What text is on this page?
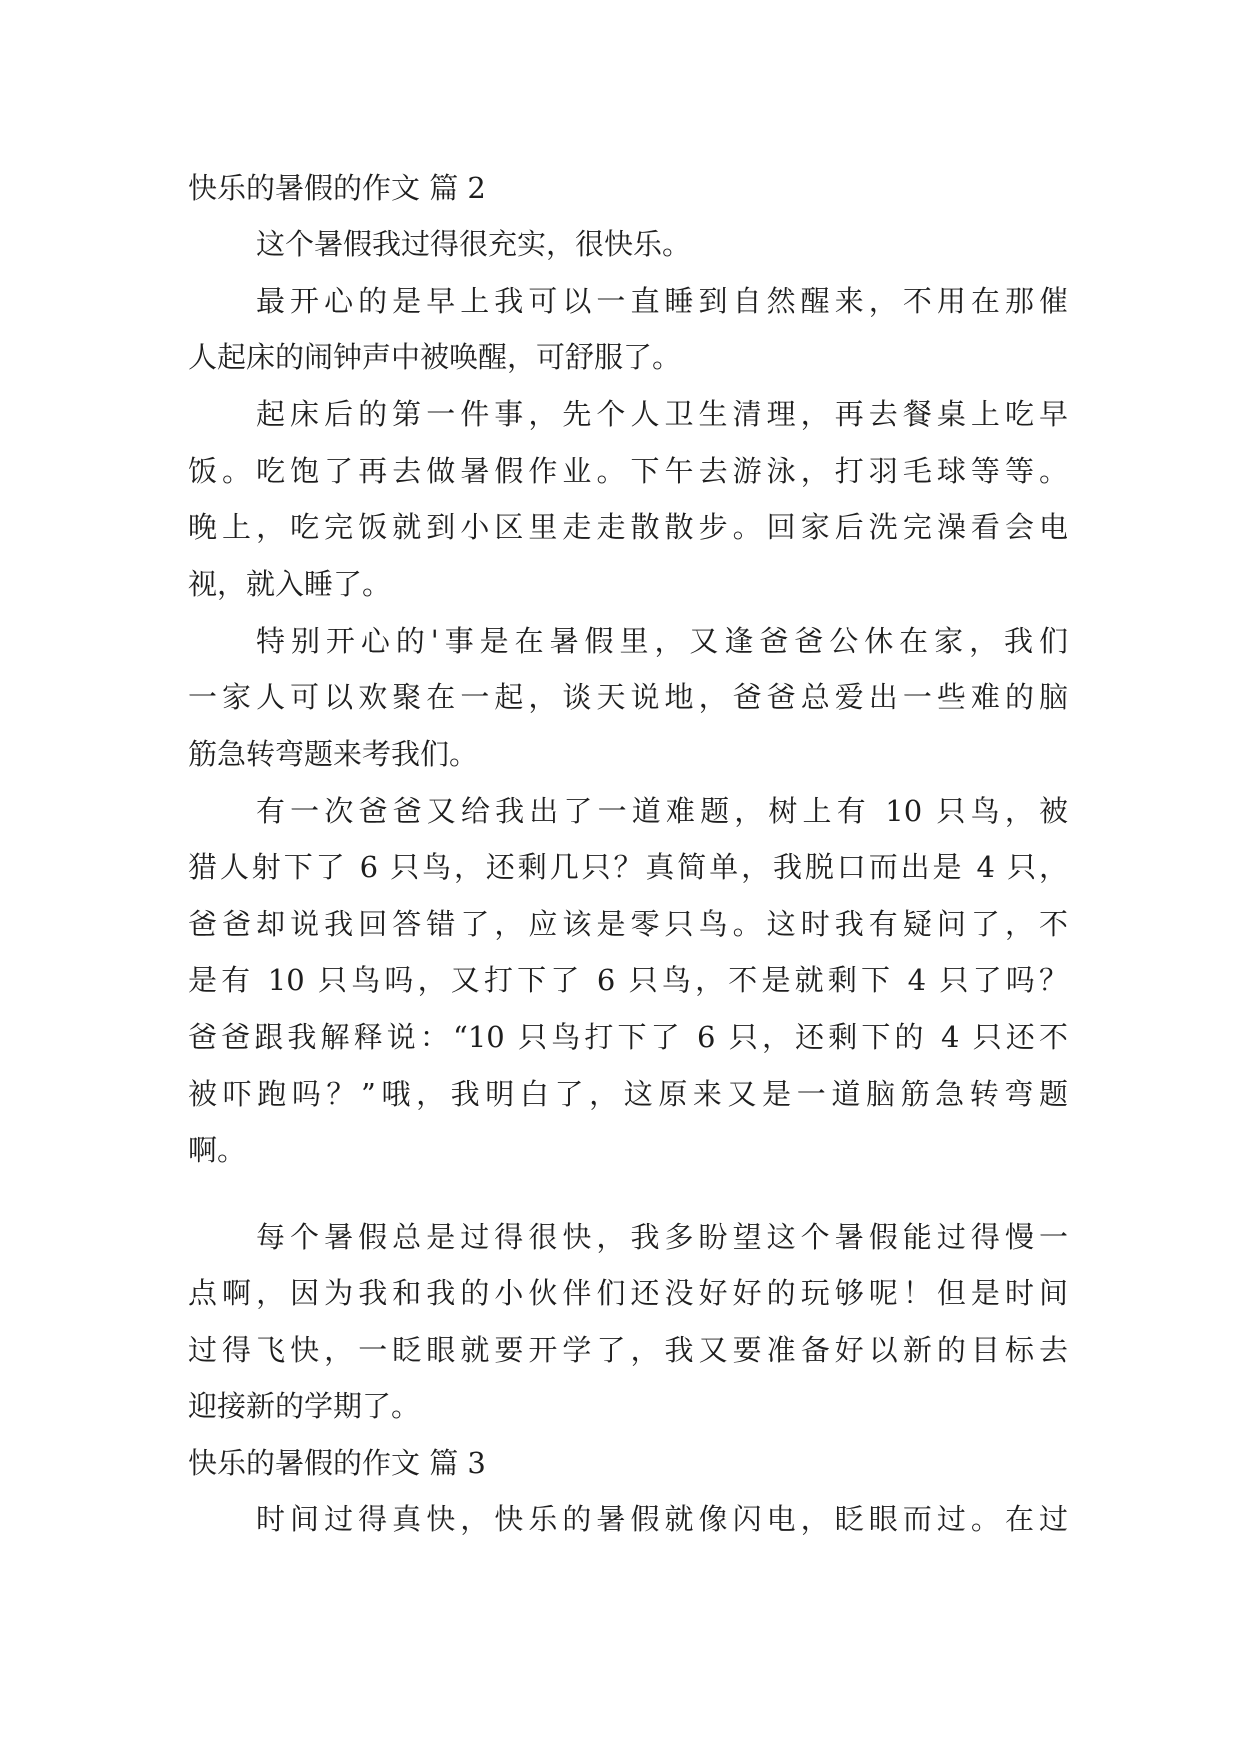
快乐的暑假的作文 篇 2
这个暑假我过得很充实，很快乐。
最开心的是早上我可以一直睡到自然醒来，不用在那催
人起床的闹钟声中被唤醒，可舒服了。
起床后的第一件事，先个人卫生清理，再去餐桌上吃早
饭。吃饱了再去做暑假作业。下午去游泳，打羽毛球等等。
晚上，吃完饭就到小区里走走散散步。回家后洗完澡看会电
视，就入睡了。
特别开心的'事是在暑假里，又逢爸爸公休在家，我们
一家人可以欢聚在一起，谈天说地，爸爸总爱出一些难的脑
筋急转弯题来考我们。
有一次爸爸又给我出了一道难题，树上有 10 只鸟，被
猎人射下了 6 只鸟，还剩几只？真简单，我脱口而出是 4 只，
爸爸却说我回答错了，应该是零只鸟。这时我有疑问了，不
是有 10 只鸟吗，又打下了 6 只鸟，不是就剩下 4 只了吗？
爸爸跟我解释说：“10 只鸟打下了 6 只，还剩下的 4 只还不
被吓跑吗？”哦，我明白了，这原来又是一道脑筋急转弯题
啊。
每个暑假总是过得很快，我多盼望这个暑假能过得慢一
点啊，因为我和我的小伙伴们还没好好的玩够呢！但是时间
过得飞快，一眨眼就要开学了，我又要准备好以新的目标去
迎接新的学期了。
快乐的暑假的作文 篇 3
时间过得真快，快乐的暑假就像闪电，眨眼而过。在过
